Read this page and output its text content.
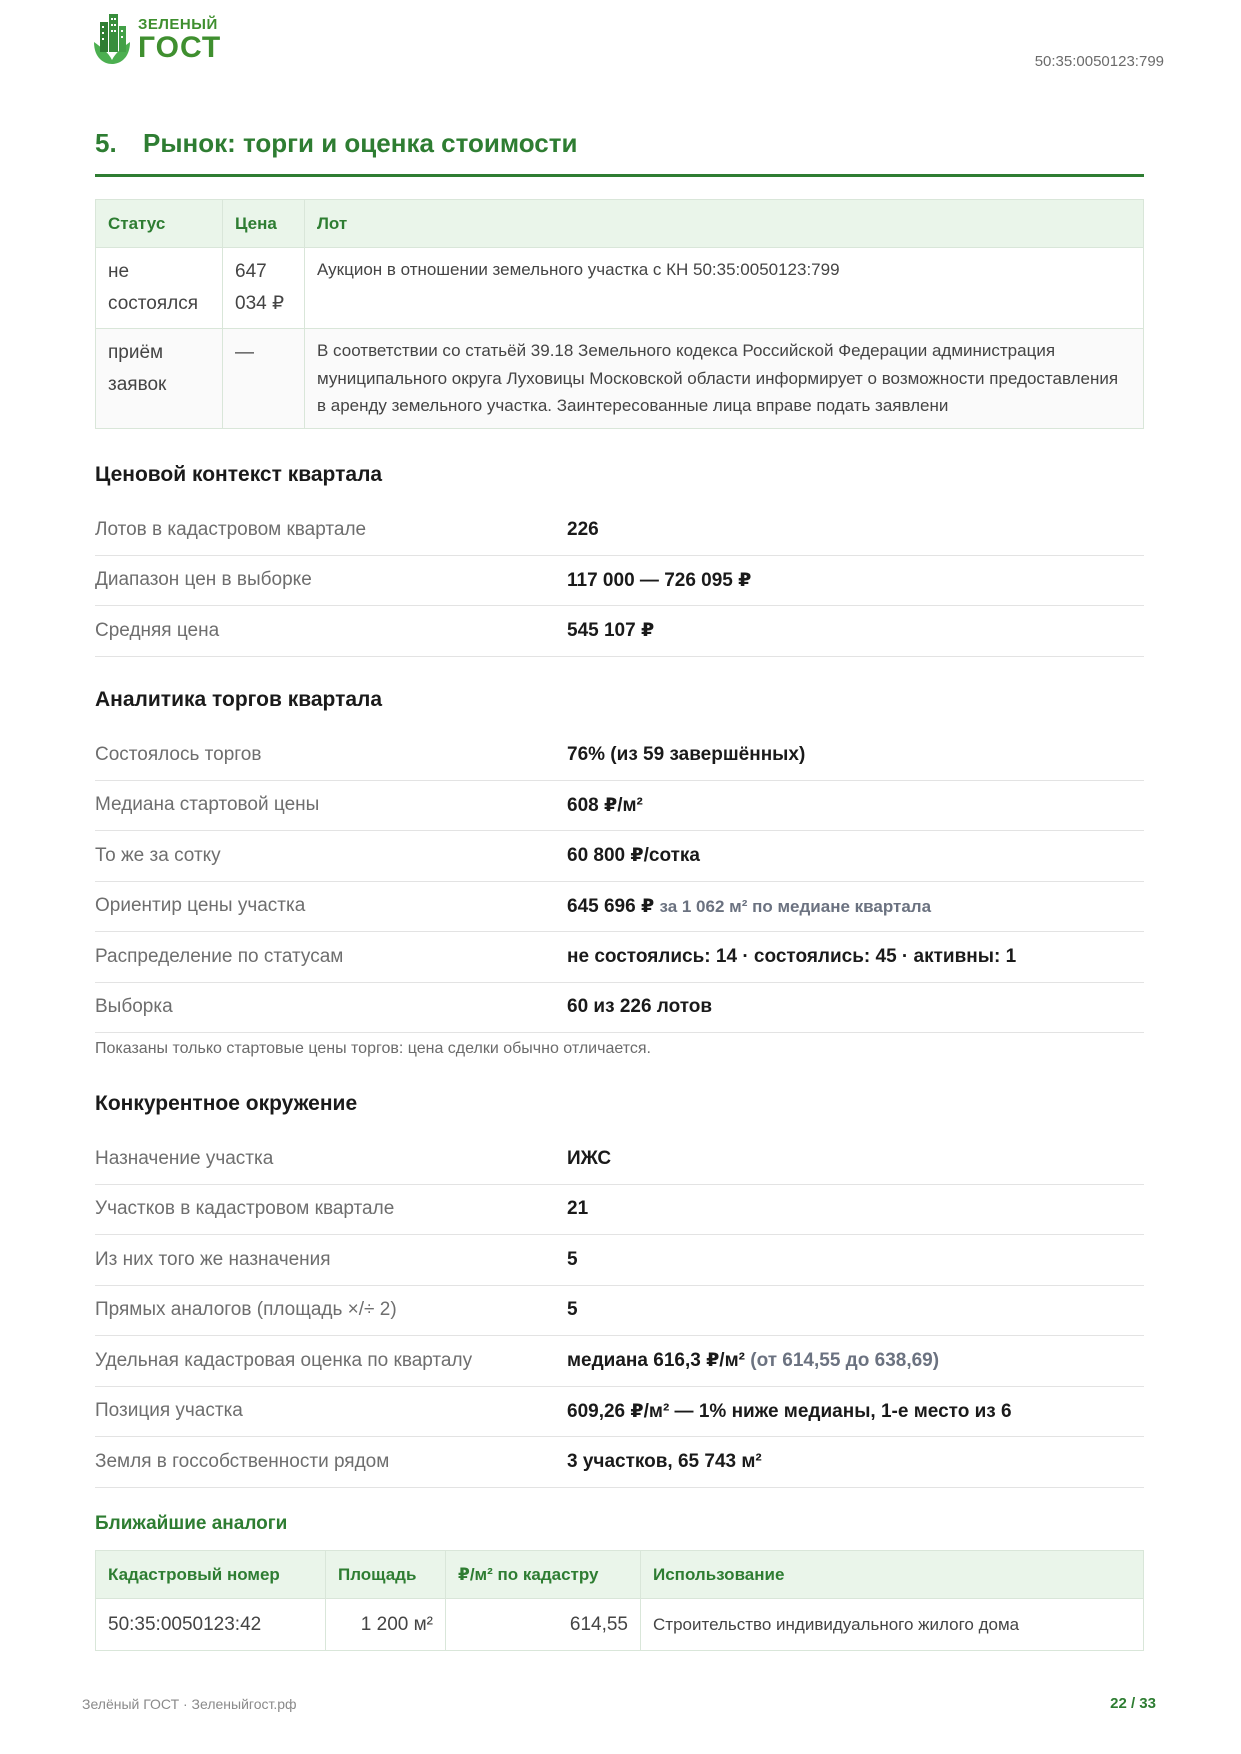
ЗЕЛЕНЫЙ
ГОСТ	50:35:0050123:799
5. Рынок: торги и оценка стоимости
Статус	Цена	Лот
не состоялся	647 034 ₽	Аукцион в отношении земельного участка с КН 50:35:0050123:799
приём заявок	—	В соответствии со статьёй 39.18 Земельного кодекса Российской Федерации администрация муниципального округа Луховицы Московской области информирует о возможности предоставления в аренду земельного участка. Заинтересованные лица вправе подать заявлени
Ценовой контекст квартала
Лотов в кадастровом квартале	226
Диапазон цен в выборке	117 000 — 726 095 ₽
Средняя цена	545 107 ₽
Аналитика торгов квартала
Состоялось торгов	76% (из 59 завершённых)
Медиана стартовой цены	608 ₽/м²
То же за сотку	60 800 ₽/сотка
Ориентир цены участка	645 696 ₽ за 1 062 м² по медиане квартала
Распределение по статусам	не состоялись: 14 · состоялись: 45 · активны: 1
Выборка	60 из 226 лотов
Показаны только стартовые цены торгов: цена сделки обычно отличается.
Конкурентное окружение
Назначение участка	ИЖС
Участков в кадастровом квартале	21
Из них того же назначения	5
Прямых аналогов (площадь ×/÷ 2)	5
Удельная кадастровая оценка по кварталу	медиана 616,3 ₽/м² (от 614,55 до 638,69)
Позиция участка	609,26 ₽/м² — 1% ниже медианы, 1-е место из 6
Земля в госсобственности рядом	3 участков, 65 743 м²
Ближайшие аналоги
Кадастровый номер	Площадь	₽/м² по кадастру	Использование
50:35:0050123:42	1 200 м²	614,55	Строительство индивидуального жилого дома
Зелёный ГОСТ · Зеленыйгост.рф	22 / 33
